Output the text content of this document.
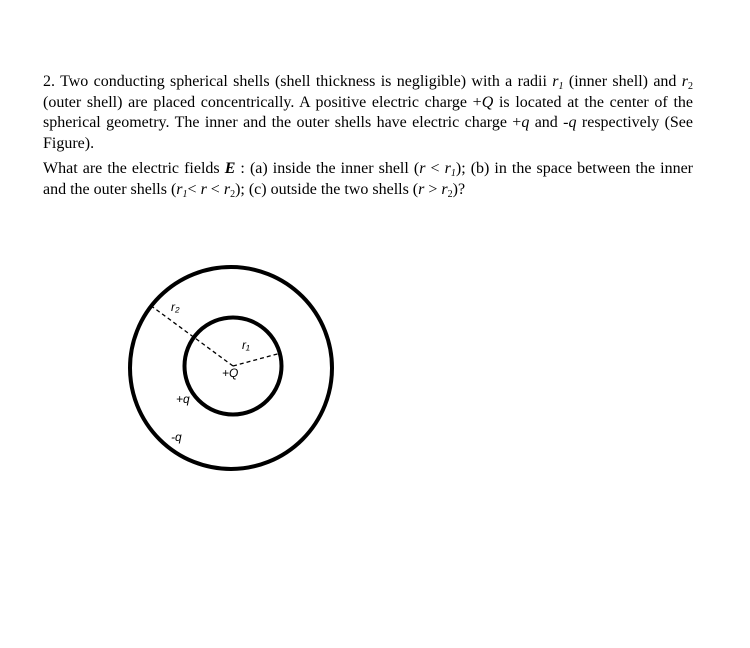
2. Two conducting spherical shells (shell thickness is negligible) with a radii $r_1$ (inner shell) and $r_2$ (outer shell) are placed concentrically. A positive electric charge +Q is located at the center of the spherical geometry. The inner and the outer shells have electric charge +q and -q respectively (See Figure).

What are the electric fields E : (a) inside the inner shell $(r < r_1)$; (b) in the space between the inner and the outer shells $(r_1< r < r_2)$; (c) outside the two shells $(r > r_2)$?

r₂
r₁
+Q
+q
-q
